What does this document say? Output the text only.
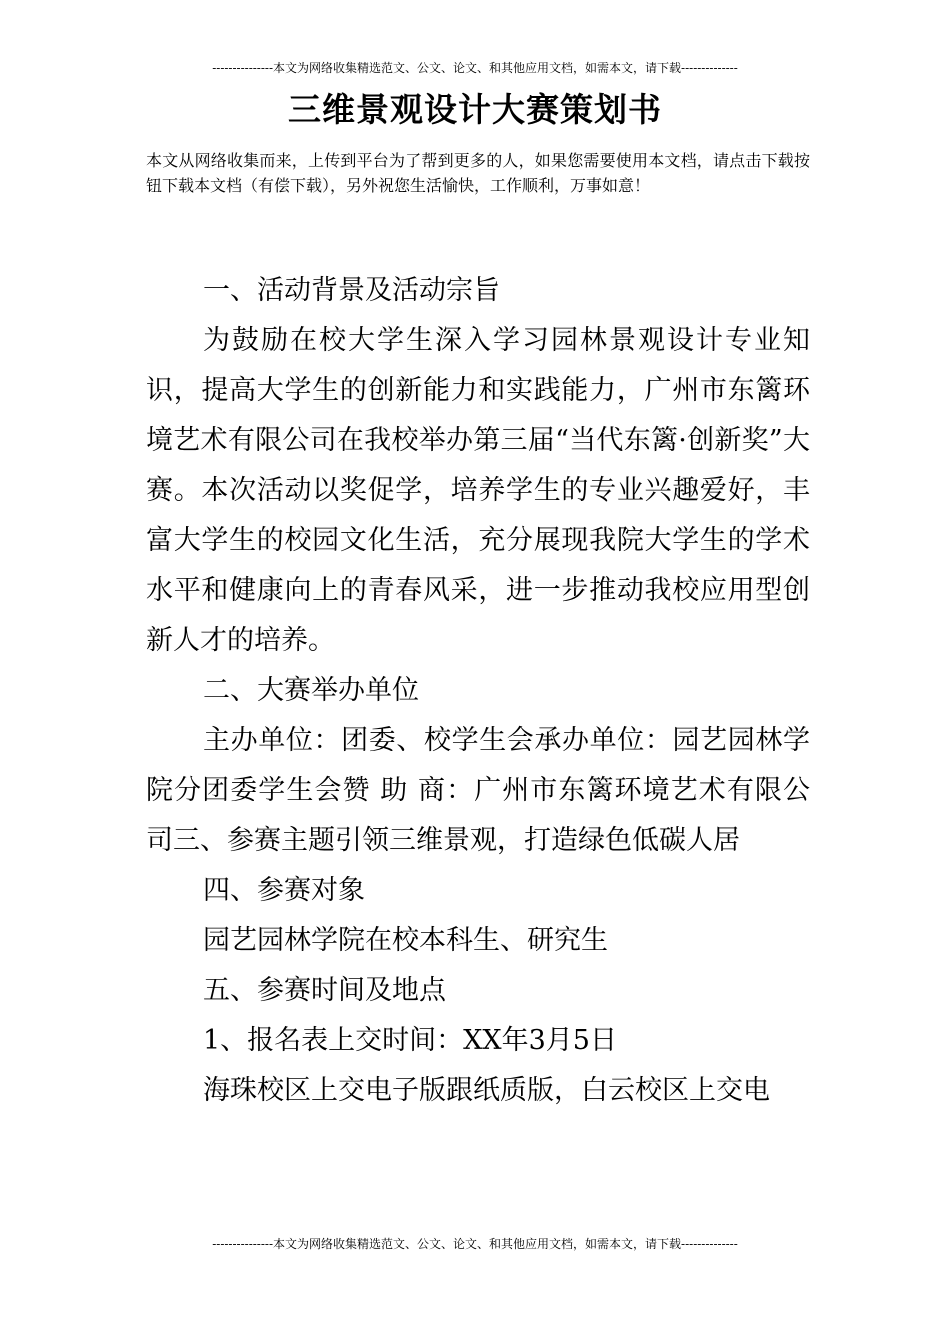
---------------本文为网络收集精选范文、公文、论文、和其他应用文档，如需本文，请下载--------------
三维景观设计大赛策划书

本文从网络收集而来，上传到平台为了帮到更多的人，如果您需要使用本文档，请点击下载按钮下载本文档（有偿下载），另外祝您生活愉快，工作顺利，万事如意！

一、活动背景及活动宗旨

为鼓励在校大学生深入学习园林景观设计专业知识，提高大学生的创新能力和实践能力，广州市东篱环境艺术有限公司在我校举办第三届“当代东篱·创新奖”大赛。本次活动以奖促学，培养学生的专业兴趣爱好，丰富大学生的校园文化生活，充分展现我院大学生的学术水平和健康向上的青春风采，进一步推动我校应用型创新人才的培养。

二、大赛举办单位

主办单位：团委、校学生会承办单位：园艺园林学院分团委学生会赞 助 商：广州市东篱环境艺术有限公司三、参赛主题引领三维景观，打造绿色低碳人居

四、参赛对象

园艺园林学院在校本科生、研究生

五、参赛时间及地点

1、报名表上交时间：XX年3月5日

海珠校区上交电子版跟纸质版，白云校区上交电

---------------本文为网络收集精选范文、公文、论文、和其他应用文档，如需本文，请下载--------------
